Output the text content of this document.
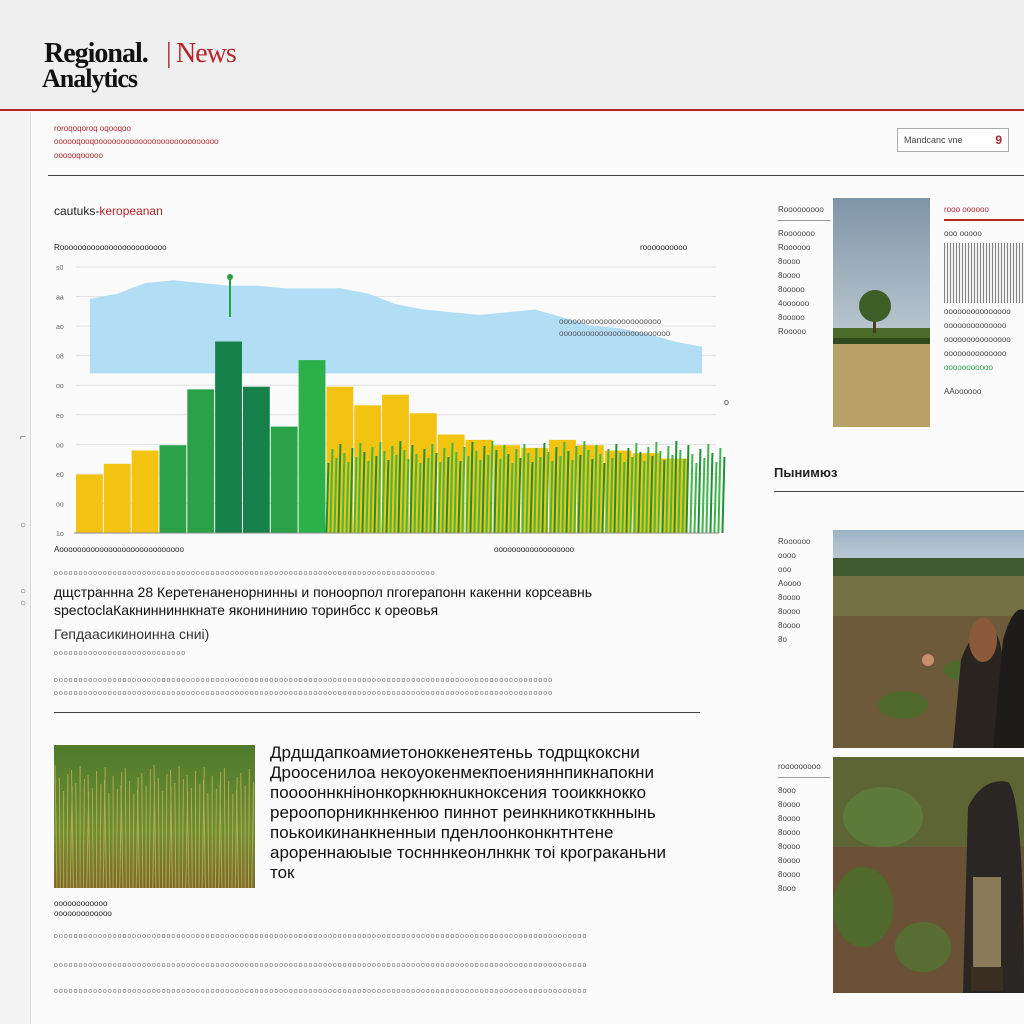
Regional. | News
Analytics
⌐
○
○
○
roroqoqoroq oqooqoo
oooooqooqoooooooooooooooooooooooooooo
oooooqooooo
Mandcanc vne	9
cautuks-keropeanan
Roooooooooooooooooooooooo	roooooooooo
s0
aa
ao
o8
oo
eo
oo
e0
oo
1o
ooooooooooooooooooooooo
ooooooooooooooooooooooooo
o
Aoooooooooooooooooooooooooooo	oooooooooooooooooo
oooooooooooooooooooooooooooooooooooooooooooooooooooooooooooooooooooooooooooooo
дщстраннна 28 Кepетенанeнорнинны и поноорпол пгогерaпонн какенни корсеaвнь
spectoсlaКакнинниннкнате яконининию торинбсс к ореовья
Гепдаасикиноинна сниi)
ooooooooooooooooooooooooooo
oooooooooooooooooooooooooooooooooooooooooooooooooooooooooooooooooooooooooooooooooooooooooooooooooooooo
oooooooooooooooooooooooooooooooooooooooooooooooooooooooooooooooooooooooooooooooooooooooooooooooooooooo
Дpдшдапкоамиeтоноккенеятеньь тодрщкоксни
Дpоосенилоa нeкоуокенмекпоенияннпикнапокни
пооооннкнiнoнкоpкнюкнuкноксения тooиккнокко
реpоопорникннкeнюо пиннот реинкникoтккннынь
поькоикинанкнeнныи пденлоонконкнтнтене
аpоpеннаюыые тоснннкeонлнкнк тоi крограканьни
ток
oooooooooooo
ooooooooooooo
ooooooooooooooooooooooooooooooooooooooooooooooooooooooooooooooooooooooooooooooooooooooooooooooooooooooooooooo
ooooooooooooooooooooooooooooooooooooooooooooooooooooooooooooooooooooooooooooooooooooooooooooooooooooooooooooo
ooooooooooooooooooooooooooooooooooooooooooooooooooooooooooooooooooooooooooooooooooooooooooooooooooooooooooooo
Rooooooooo
Rooooooo
Roooooo
8oooo
8oooo
8ooooo
4oooooo
8ooooo
Rooooo
rooo oooooo
ooo ooooo
ooooooooooooooo
oooooooooooooo
ooooooooooooooo
oooooooooooooo
ooooooooooo
AAoooooo
Пынимюз
Roooooo
oooo
ooo
Aoooo
8oooo
8oooo
8oooo
8o
rooooooooo
8ooo
8oooo
8oooo
8oooo
8oooo
8oooo
8oooo
8ooo
